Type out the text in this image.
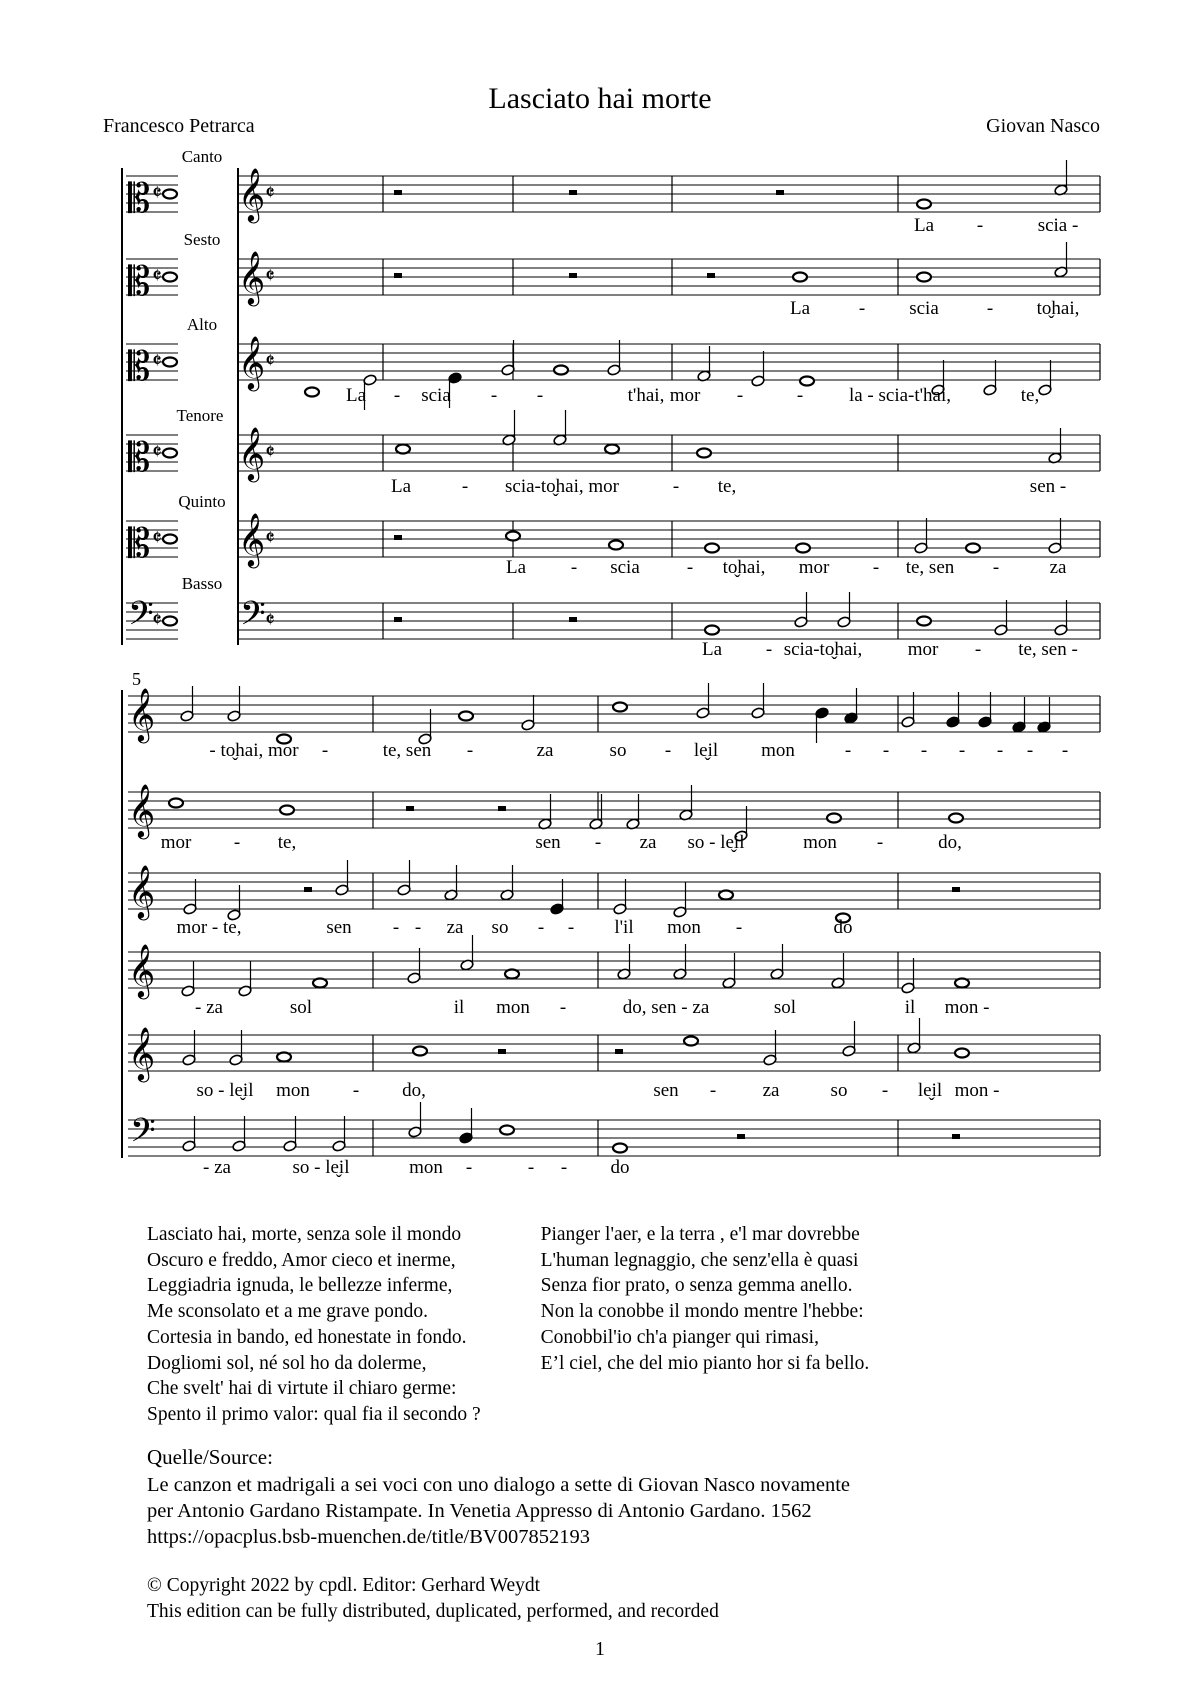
Lasciato hai morte
Francesco Petrarca	Giovan Nasco
Canto
𝄡 𝄵 𝄞 𝄵
Sesto
𝄡 𝄵 𝄞 𝄵
Alto
𝄡 𝄵 𝄞 𝄵
Tenore
𝄡 𝄵 𝄞 𝄵
Quinto
𝄡 𝄵 𝄞 𝄵
Basso
𝄢
𝄵 𝄢 𝄵
La -	scia -
La	- scia	- to̬hai,
La - scia - -	t'hai, mor -	-	te,
la - scia-t'hai,
La	- scia-to̬hai, mor	- te,	sen -
La - scia - to̬hai, mor - te, sen -	za
La - scia-to̬hai, mor - te, sen -
5
𝄞
𝄞
𝄞
𝄞
𝄞
𝄢
- to̬hai, mor -	te, sen -	za	so - le̬il mon	- - - - - - -
mor - te,	sen - za so - le̬il	mon -	do,
mor - te,	sen - - za so - - l'il mon -	do
- za	sol	il mon -	do, sen - za	sol	il mon -
so - le̬il mon - do,	sen - za	so - le̬il mon -
- za	so - le̬il	mon -	- - do
Lasciato hai, morte, senza sole il mondo
Oscuro e freddo, Amor cieco et inerme,
Leggiadria ignuda, le bellezze inferme,
Me sconsolato et a me grave pondo.
Cortesia in bando, ed honestate in fondo.
Dogliomi sol, né sol ho da dolerme,
Che svelt' hai di virtute il chiaro germe:
Spento il primo valor: qual fia il secondo ?
Pianger l'aer, e la terra , e'l mar dovrebbe
L'human legnaggio, che senz'ella è quasi
Senza fior prato, o senza gemma anello.
Non la conobbe il mondo mentre l'hebbe:
Conobbil'io ch'a pianger qui rimasi,
E’l ciel, che del mio pianto hor si fa bello.
Quelle/Source:
Le canzon et madrigali a sei voci con uno dialogo a sette di Giovan Nasco novamente
per Antonio Gardano Ristampate. In Venetia Appresso di Antonio Gardano. 1562
https://opacplus.bsb-muenchen.de/title/BV007852193
© Copyright 2022 by cpdl. Editor: Gerhard Weydt
This edition can be fully distributed, duplicated, performed, and recorded
1
